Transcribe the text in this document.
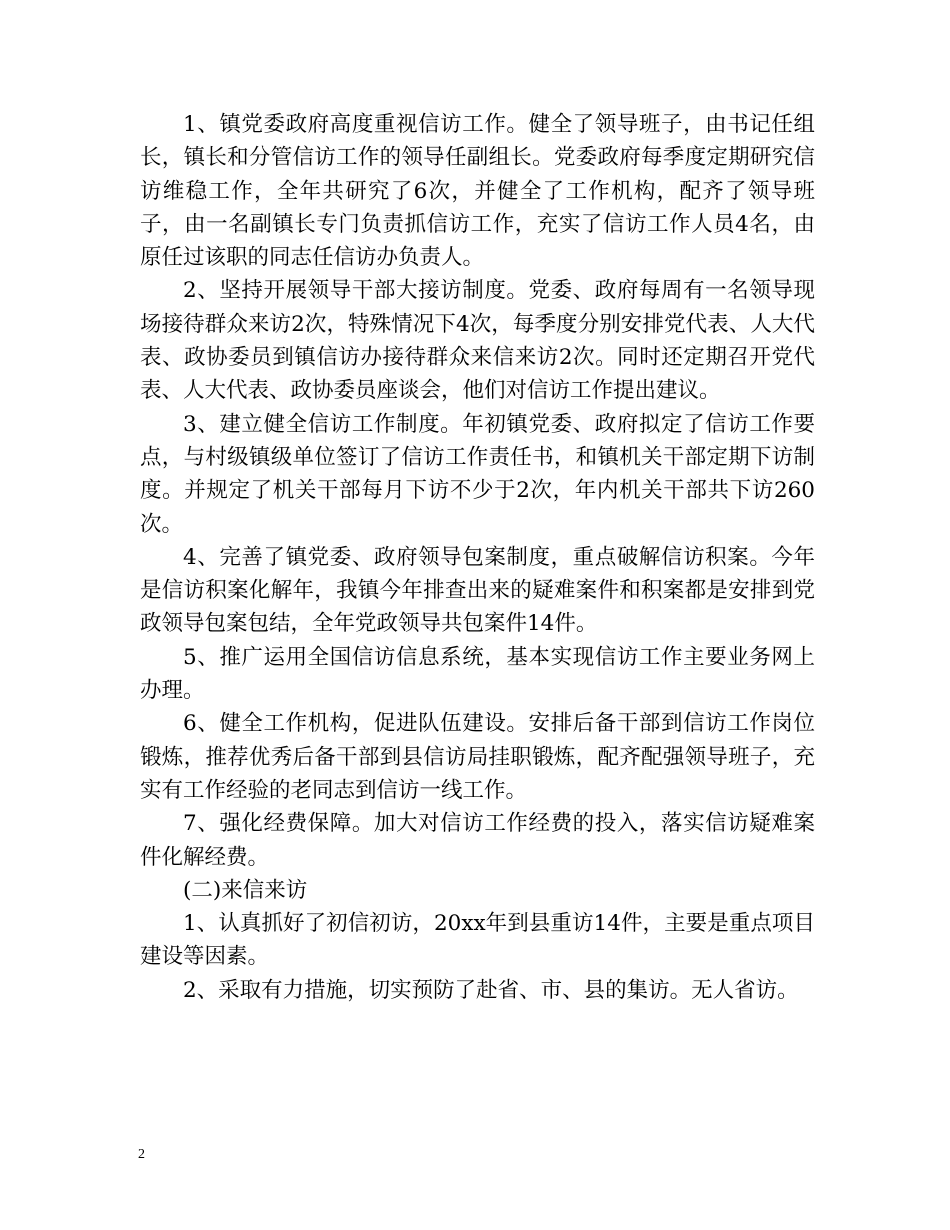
1、镇党委政府高度重视信访工作。健全了领导班子，由书记任组长，镇长和分管信访工作的领导任副组长。党委政府每季度定期研究信访维稳工作，全年共研究了6次，并健全了工作机构，配齐了领导班子，由一名副镇长专门负责抓信访工作，充实了信访工作人员4名，由原任过该职的同志任信访办负责人。

2、坚持开展领导干部大接访制度。党委、政府每周有一名领导现场接待群众来访2次，特殊情况下4次，每季度分别安排党代表、人大代表、政协委员到镇信访办接待群众来信来访2次。同时还定期召开党代表、人大代表、政协委员座谈会，他们对信访工作提出建议。

3、建立健全信访工作制度。年初镇党委、政府拟定了信访工作要点，与村级镇级单位签订了信访工作责任书，和镇机关干部定期下访制度。并规定了机关干部每月下访不少于2次，年内机关干部共下访260次。

4、完善了镇党委、政府领导包案制度，重点破解信访积案。今年是信访积案化解年，我镇今年排查出来的疑难案件和积案都是安排到党政领导包案包结，全年党政领导共包案件14件。

5、推广运用全国信访信息系统，基本实现信访工作主要业务网上办理。

6、健全工作机构，促进队伍建设。安排后备干部到信访工作岗位锻炼，推荐优秀后备干部到县信访局挂职锻炼，配齐配强领导班子，充实有工作经验的老同志到信访一线工作。

7、强化经费保障。加大对信访工作经费的投入，落实信访疑难案件化解经费。

(二)来信来访

1、认真抓好了初信初访，20xx年到县重访14件，主要是重点项目建设等因素。

2、采取有力措施，切实预防了赴省、市、县的集访。无人省访。

2
